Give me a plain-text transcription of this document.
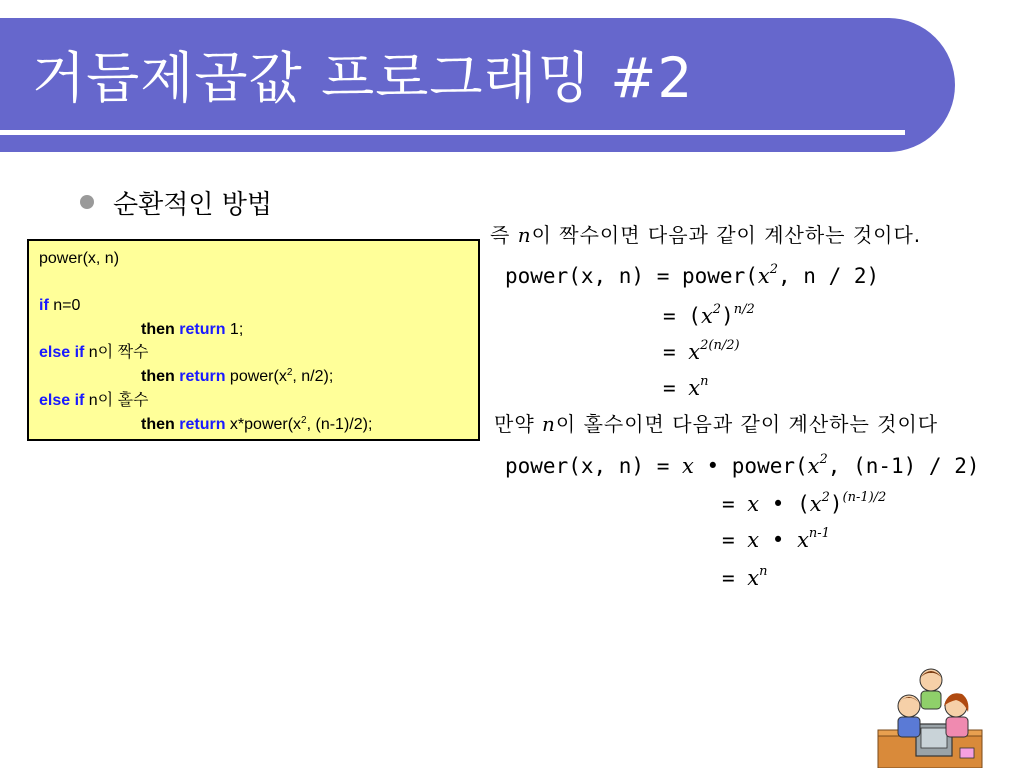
거듭제곱값 프로그래밍 #2
순환적인 방법
power(x, n)
if n=0
then return 1;
else if n이 짝수
then return $power(x^2$, n/2);
else if n이 홀수
then return $x*power(x^2$, (n-1)/2);
즉 n이 짝수이면 다음과 같이 계산하는 것이다.
power(x, $n) = power(x^2$, n / 2)
= $(x^2)^{n/2}$
= $x^{2(n/2)}$
= $x^n$
만약 n이 홀수이면 다음과 같이 계산하는 것이다
power(x, n) = x • $power(x^2$, (n-1) / 2)
= x • $(x^2)^{(n-1)/2}$
= x • $x^{n-1}$
= $x^n$
